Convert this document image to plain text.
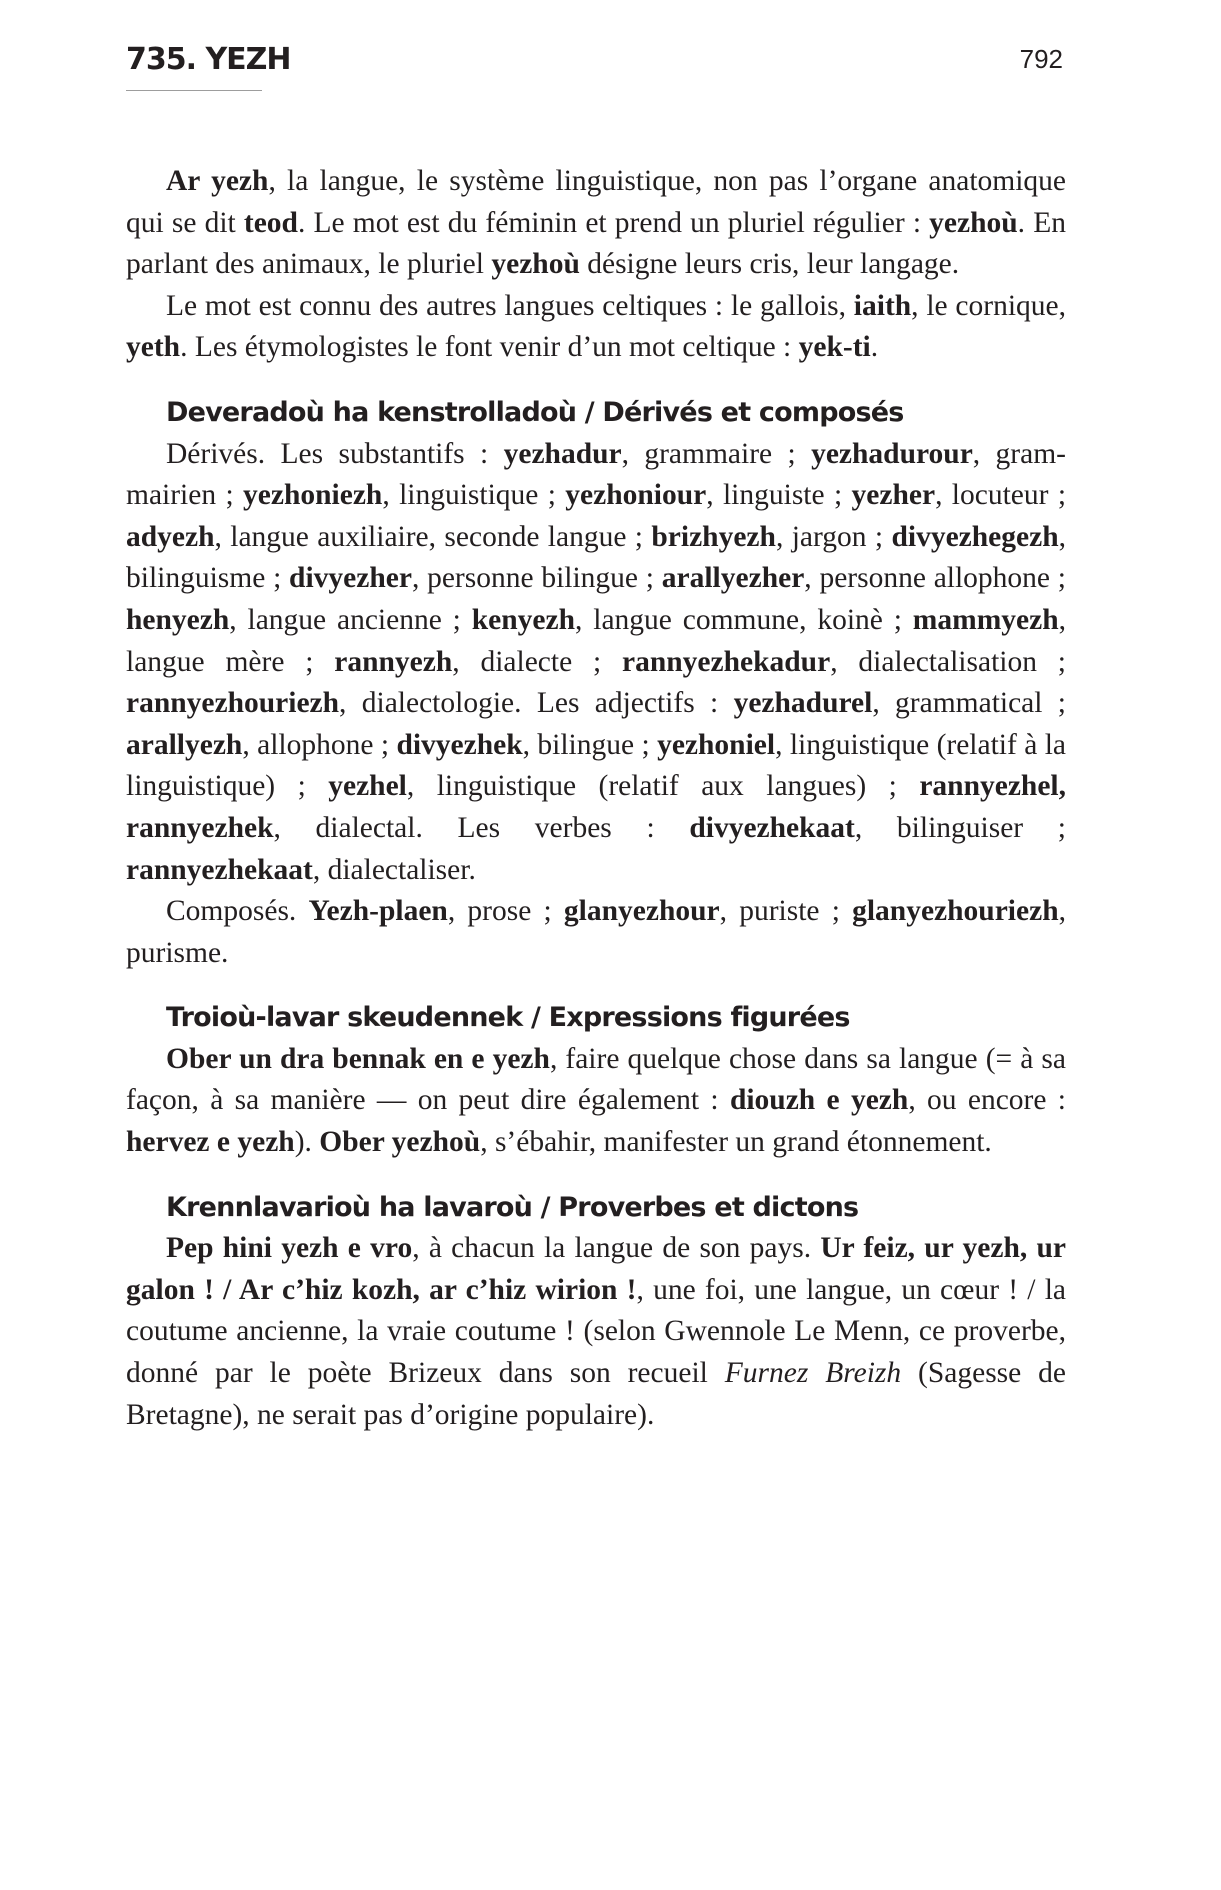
735. YEZH	792

Ar yezh, la langue, le système linguistique, non pas l’organe anatomique qui se dit teod. Le mot est du féminin et prend un pluriel régulier : yezhoù. En parlant des animaux, le pluriel yezhoù désigne leurs cris, leur langage.

Le mot est connu des autres langues celtiques : le gallois, iaith, le cornique, yeth. Les étymologistes le font venir d’un mot celtique : yek-ti.

Deveradoù ha kenstrolladoù / Dérivés et composés

Dérivés. Les substantifs : yezhadur, grammaire ; yezhadurour, grammairien ; yezhoniezh, linguistique ; yezhoniour, linguiste ; yezher, locuteur ; adyezh, langue auxiliaire, seconde langue ; brizhyezh, jargon ; divyezhegezh, bilinguisme ; divyezher, personne bilingue ; arallyezher, personne allophone ; henyezh, langue ancienne ; kenyezh, langue commune, koinè ; mammyezh, langue mère ; rannyezh, dialecte ; rannyezhekadur, dialectalisation ; rannyezhouriezh, dialectologie. Les adjectifs : yezhadurel, grammatical ; arallyezh, allophone ; divyezhek, bilingue ; yezhoniel, linguistique (relatif à la linguistique) ; yezhel, linguistique (relatif aux langues) ; rannyezhel, rannyezhek, dialectal. Les verbes : divyezhekaat, bilinguiser ; rannyezhekaat, dialectaliser.

Composés. Yezh-plaen, prose ; glanyezhour, puriste ; glanyezhouriezh, purisme.

Troioù-lavar skeudennek / Expressions figurées

Ober un dra bennak en e yezh, faire quelque chose dans sa langue (= à sa façon, à sa manière — on peut dire également : diouzh e yezh, ou encore : hervez e yezh). Ober yezhoù, s’ébahir, manifester un grand étonnement.

Krennlavarioù ha lavaroù / Proverbes et dictons

Pep hini yezh e vro, à chacun la langue de son pays. Ur feiz, ur yezh, ur galon ! / Ar c’hiz kozh, ar c’hiz wirion !, une foi, une langue, un cœur ! / la coutume ancienne, la vraie coutume ! (selon Gwennole Le Menn, ce proverbe, donné par le poète Brizeux dans son recueil Furnez Breizh (Sagesse de Bretagne), ne serait pas d’origine populaire).
